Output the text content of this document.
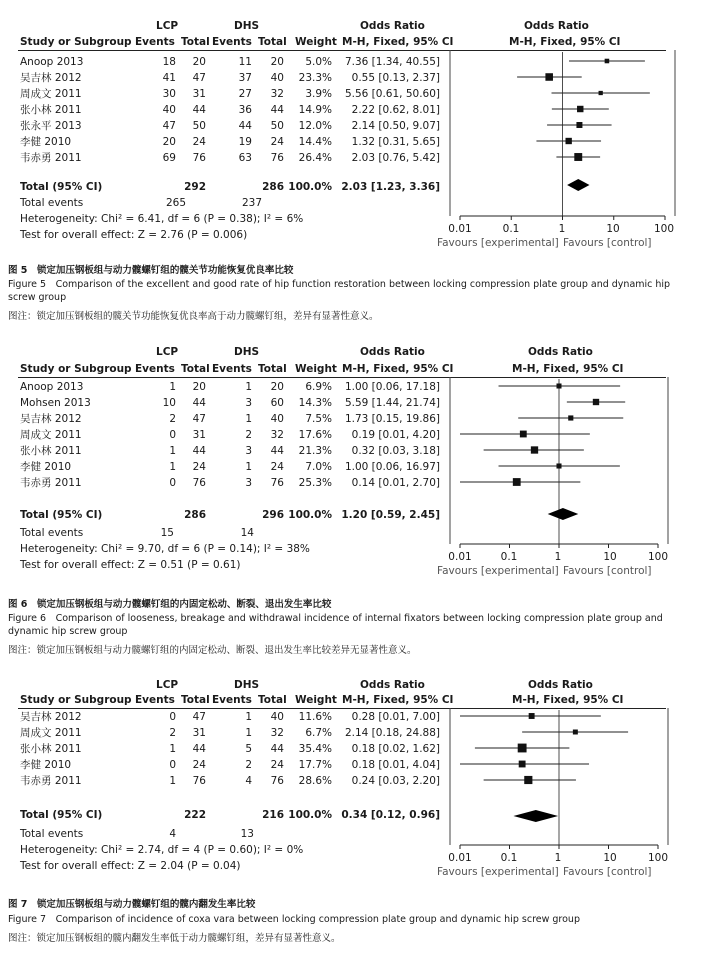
LCP	DHS	Odds Ratio	Odds Ratio
Study or Subgroup Events Total Events Total Weight M-H, Fixed, 95% CI	M-H, Fixed, 95% CI
Anoop 2013	18	20	11	20	5.0%	7.36 [1.34, 40.55]
吴吉林 2012	41	47	37	40	23.3%	0.55 [0.13, 2.37]
周成文 2011	30	31	27	32	3.9%	5.56 [0.61, 50.60]
张小林 2011	40	44	36	44	14.9%	2.22 [0.62, 8.01]
张永平 2013	47	50	44	50	12.0%	2.14 [0.50, 9.07]
李健 2010	20	24	19	24	14.4%	1.32 [0.31, 5.65]
韦赤勇 2011	69	76	63	76	26.4%	2.03 [0.76, 5.42]
Total (95% CI)	292	286 100.0% 2.03 [1.23, 3.36]
Total events	265	237
Heterogeneity: Chi² = 6.41, df = 6 (P = 0.38); I² = 6%
Test for overall effect: Z = 2.76 (P = 0.006)	0.01	0.1	1	10	100
Favours [experimental] Favours [control]
图 5　锁定加压钢板组与动力髋螺钉组的髋关节功能恢复优良率比较
Figure 5　Comparison of the excellent and good rate of hip function restoration between locking compression plate group and dynamic hip screw group
图注：锁定加压钢板组的髋关节功能恢复优良率高于动力髋螺钉组，差异有显著性意义。
LCP	DHS	Odds Ratio	Odds Ratio
Study or Subgroup Events Total Events Total Weight M-H, Fixed, 95% CI	M-H, Fixed, 95% CI
Anoop 2013	1	20	1	20	6.9%	1.00 [0.06, 17.18]
Mohsen 2013	10	44	3	60	14.3%	5.59 [1.44, 21.74]
吴吉林 2012	2	47	1	40	7.5%	1.73 [0.15, 19.86]
周成文 2011	0	31	2	32	17.6%	0.19 [0.01, 4.20]
张小林 2011	1	44	3	44	21.3%	0.32 [0.03, 3.18]
李健 2010	1	24	1	24	7.0%	1.00 [0.06, 16.97]
韦赤勇 2011	0	76	3	76	25.3%	0.14 [0.01, 2.70]
Total (95% CI)	286	296 100.0% 1.20 [0.59, 2.45]
Total events	15	14
Heterogeneity: Chi² = 9.70, df = 6 (P = 0.14); I² = 38%
Test for overall effect: Z = 0.51 (P = 0.61)
0.01	0.1	1	10	100
Favours [experimental] Favours [control]
图 6　锁定加压钢板组与动力髋螺钉组的内固定松动、断裂、退出发生率比较
Figure 6　Comparison of looseness, breakage and withdrawal incidence of internal fixators between locking compression plate group and dynamic hip screw group
图注：锁定加压钢板组与动力髋螺钉组的内固定松动、断裂、退出发生率比较差异无显著性意义。
LCP	DHS	Odds Ratio	Odds Ratio
Study or Subgroup Events Total Events Total Weight M-H, Fixed, 95% CI	M-H, Fixed, 95% CI
吴吉林 2012	0	47	1	40	11.6%	0.28 [0.01, 7.00]
周成文 2011	2	31	1	32	6.7%	2.14 [0.18, 24.88]
张小林 2011	1	44	5	44	35.4%	0.18 [0.02, 1.62]
李健 2010	0	24	2	24	17.7%	0.18 [0.01, 4.04]
韦赤勇 2011	1	76	4	76	28.6%	0.24 [0.03, 2.20]
Total (95% CI)	222	216 100.0% 0.34 [0.12, 0.96]
Total events	4	13
Heterogeneity: Chi² = 2.74, df = 4 (P = 0.60); I² = 0%
Test for overall effect: Z = 2.04 (P = 0.04)
0.01	0.1	1	10	100
Favours [experimental] Favours [control]
图 7　锁定加压钢板组与动力髋螺钉组的髋内翻发生率比较
Figure 7　Comparison of incidence of coxa vara between locking compression plate group and dynamic hip screw group
图注：锁定加压钢板组的髋内翻发生率低于动力髋螺钉组，差异有显著性意义。
